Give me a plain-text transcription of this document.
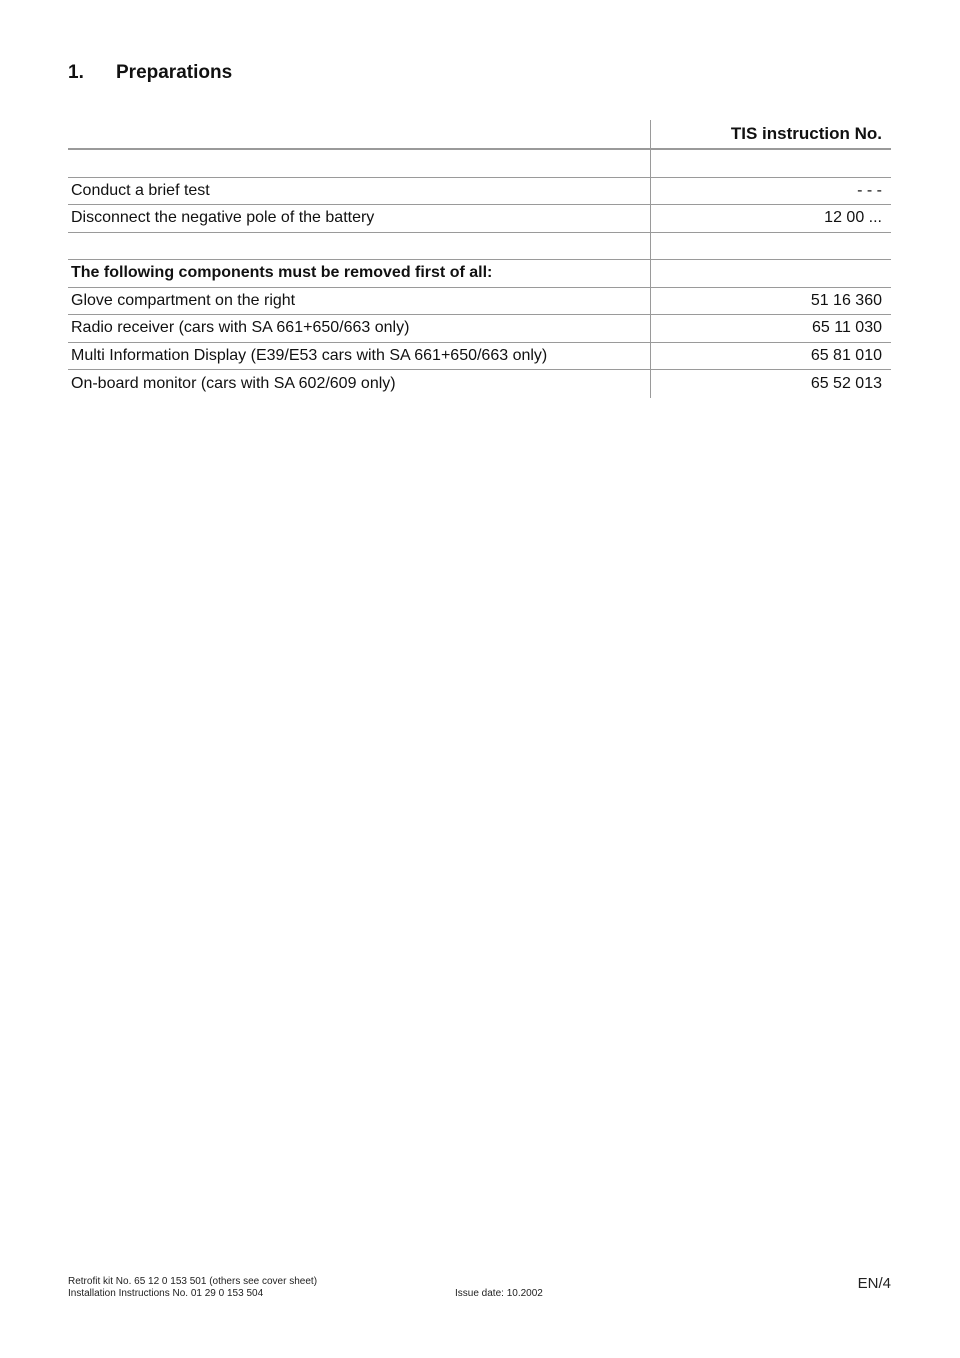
1.	Preparations
TIS instruction No.
Conduct a brief test	- - -
Disconnect the negative pole of the battery	12 00 ...
The following components must be removed first of all:
Glove compartment on the right	51 16 360
Radio receiver (cars with SA 661+650/663 only)	65 11 030
Multi Information Display (E39/E53 cars with SA 661+650/663 only)	65 81 010
On-board monitor (cars with SA 602/609 only)	65 52 013
Retrofit kit No. 65 12 0 153 501 (others see cover sheet)
Installation Instructions No. 01 29 0 153 504	Issue date: 10.2002
EN/4
